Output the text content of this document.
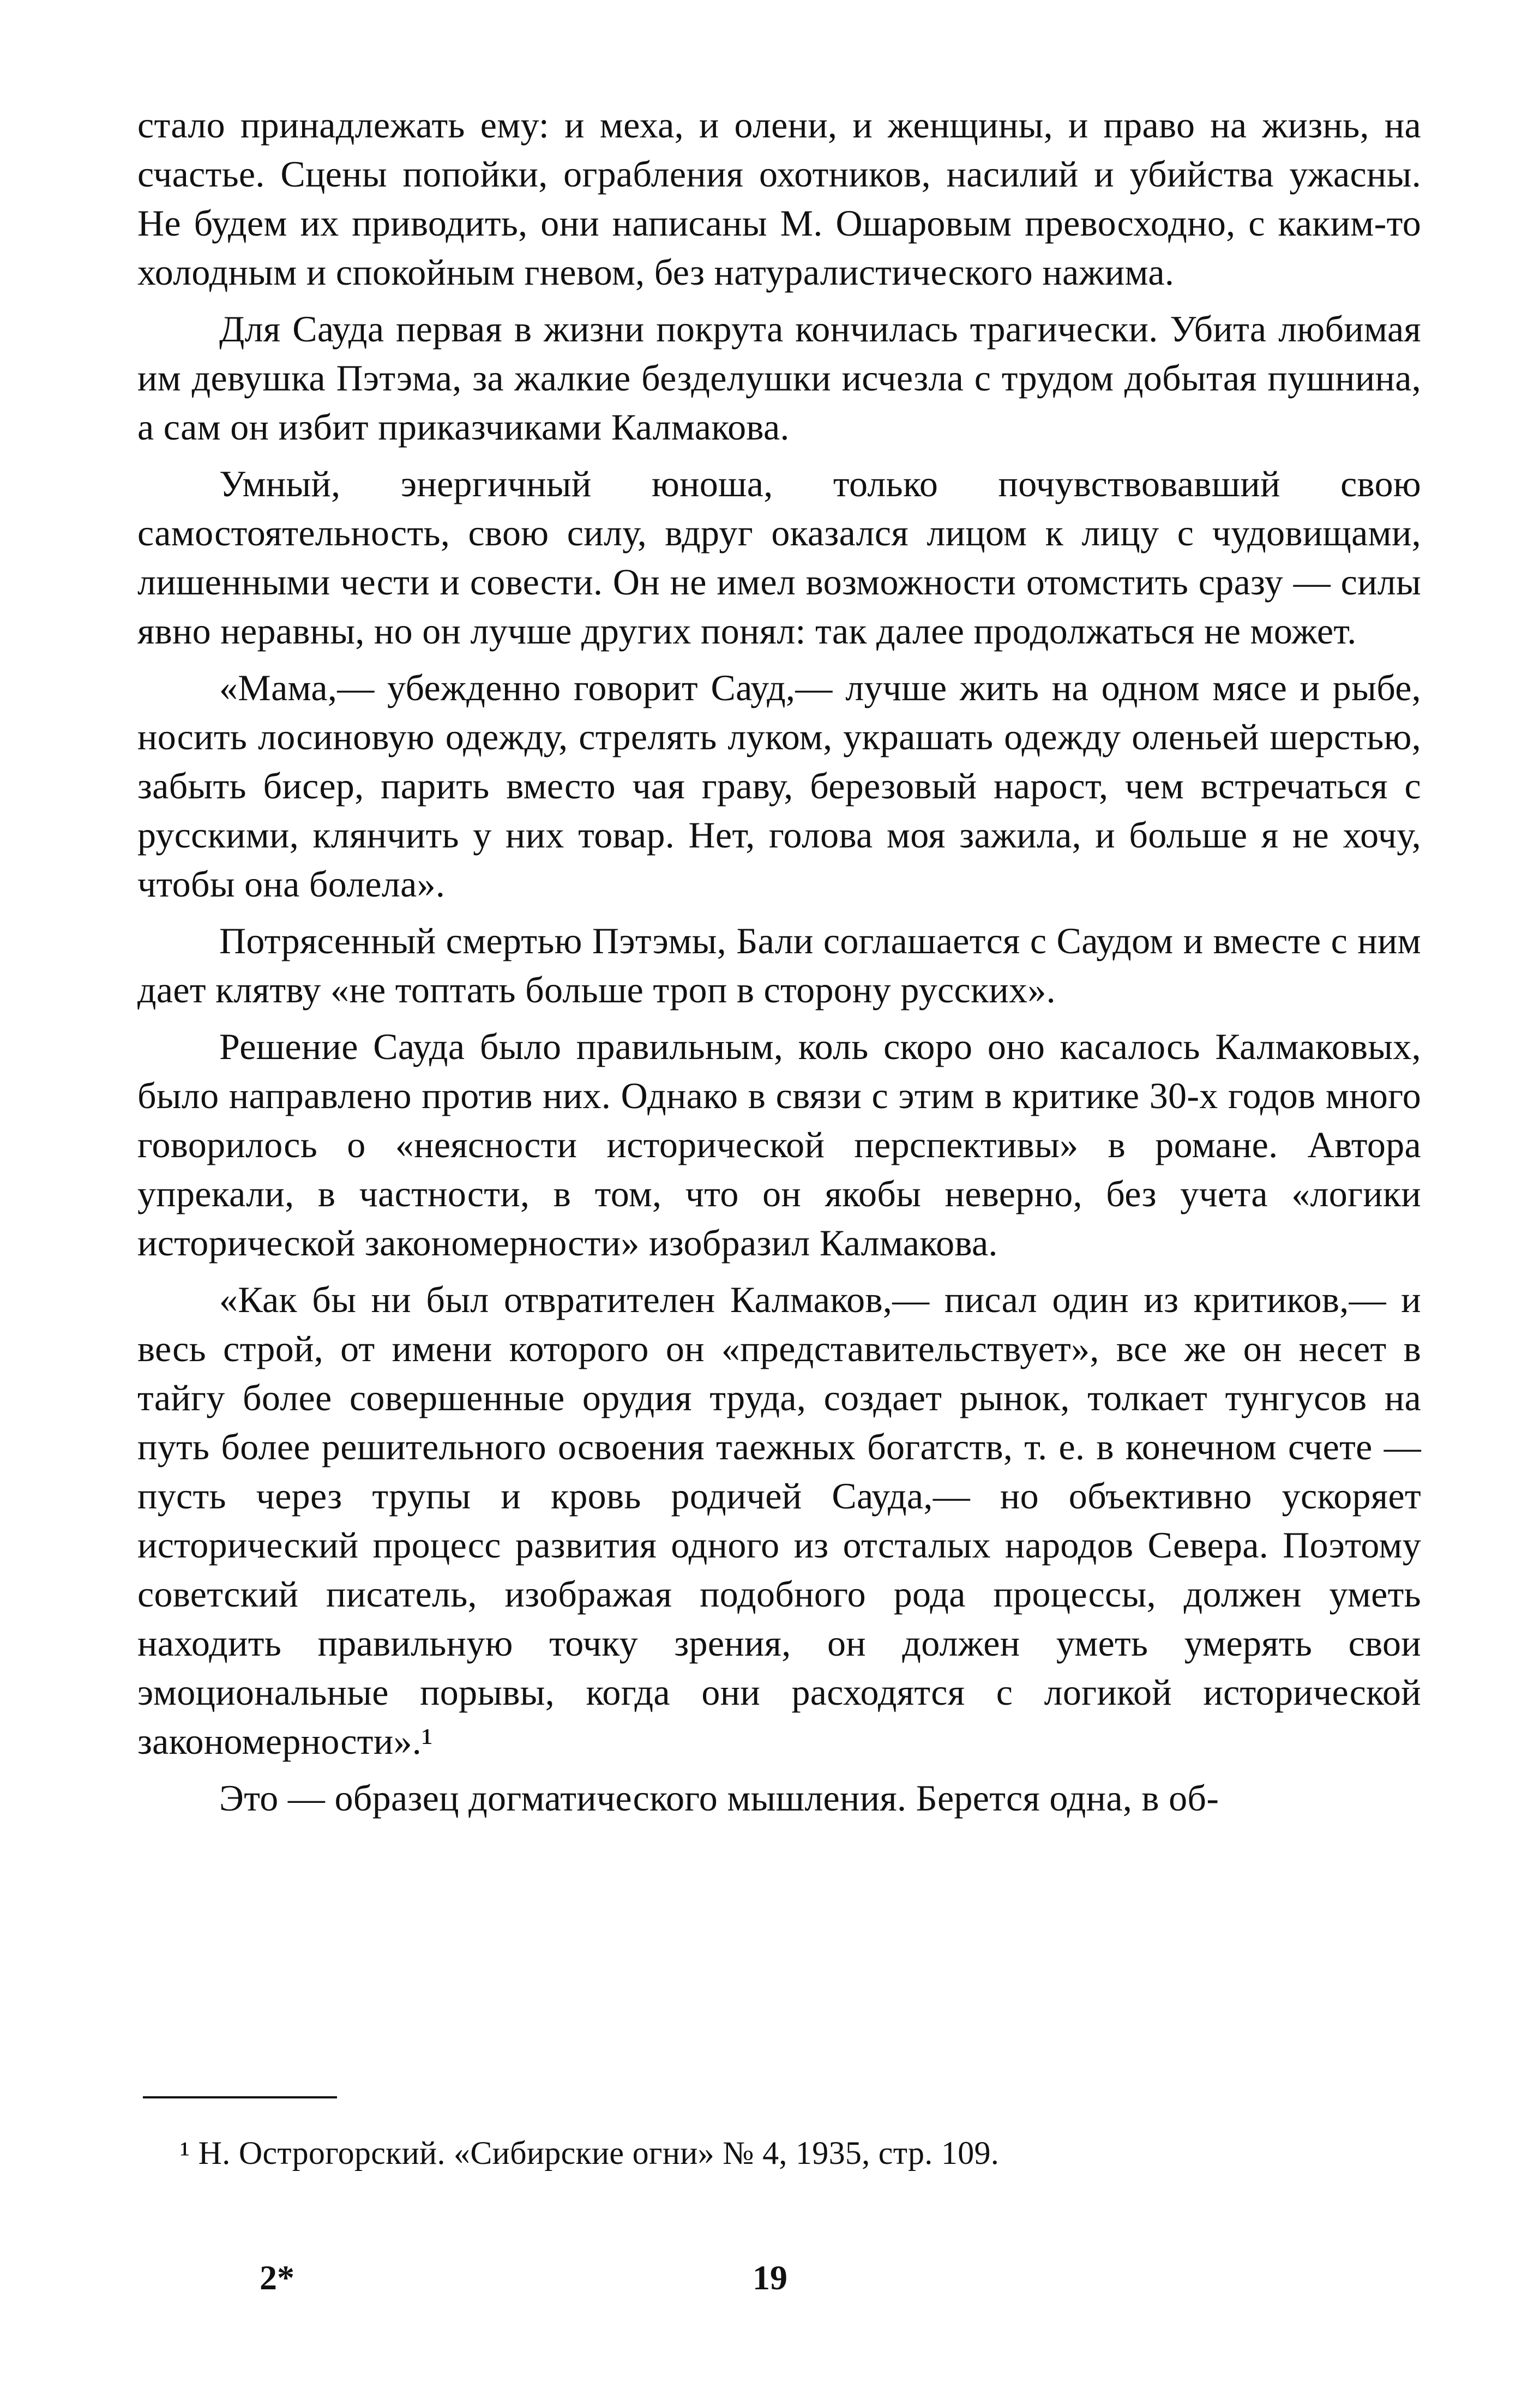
стало принадлежать ему: и меха, и олени, и женщины, и право на жизнь, на счастье. Сцены попойки, ограбления охотников, насилий и убийства ужасны. Не будем их приводить, они написаны М. Ошаровым превосходно, с каким-то холодным и спокойным гневом, без натуралистического нажима.

Для Сауда первая в жизни покрута кончилась трагически. Убита любимая им девушка Пэтэма, за жалкие безделушки исчезла с трудом добытая пушнина, а сам он избит приказчиками Калмакова.

Умный, энергичный юноша, только почувствовавший свою самостоятельность, свою силу, вдруг оказался лицом к лицу с чудовищами, лишенными чести и совести. Он не имел возможности отомстить сразу — силы явно неравны, но он лучше других понял: так далее продолжаться не может.

«Мама,— убежденно говорит Сауд,— лучше жить на одном мясе и рыбе, носить лосиновую одежду, стрелять луком, украшать одежду оленьей шерстью, забыть бисер, парить вместо чая граву, березовый нарост, чем встречаться с русскими, клянчить у них товар. Нет, голова моя зажила, и больше я не хочу, чтобы она болела».

Потрясенный смертью Пэтэмы, Бали соглашается с Саудом и вместе с ним дает клятву «не топтать больше троп в сторону русских».

Решение Сауда было правильным, коль скоро оно касалось Калмаковых, было направлено против них. Однако в связи с этим в критике 30-х годов много говорилось о «неясности исторической перспективы» в романе. Автора упрекали, в частности, в том, что он якобы неверно, без учета «логики исторической закономерности» изобразил Калмакова.

«Как бы ни был отвратителен Калмаков,— писал один из критиков,— и весь строй, от имени которого он «представительствует», все же он несет в тайгу более совершенные орудия труда, создает рынок, толкает тунгусов на путь более решительного освоения таежных богатств, т. е. в конечном счете — пусть через трупы и кровь родичей Сауда,— но объективно ускоряет исторический процесс развития одного из отсталых народов Севера. Поэтому советский писатель, изображая подобного рода процессы, должен уметь находить правильную точку зрения, он должен уметь умерять свои эмоциональные порывы, когда они расходятся с логикой исторической закономерности».¹

Это — образец догматического мышления. Берется одна, в об-

¹ Н. Острогорский. «Сибирские огни» № 4, 1935, стр. 109.
2*	19
